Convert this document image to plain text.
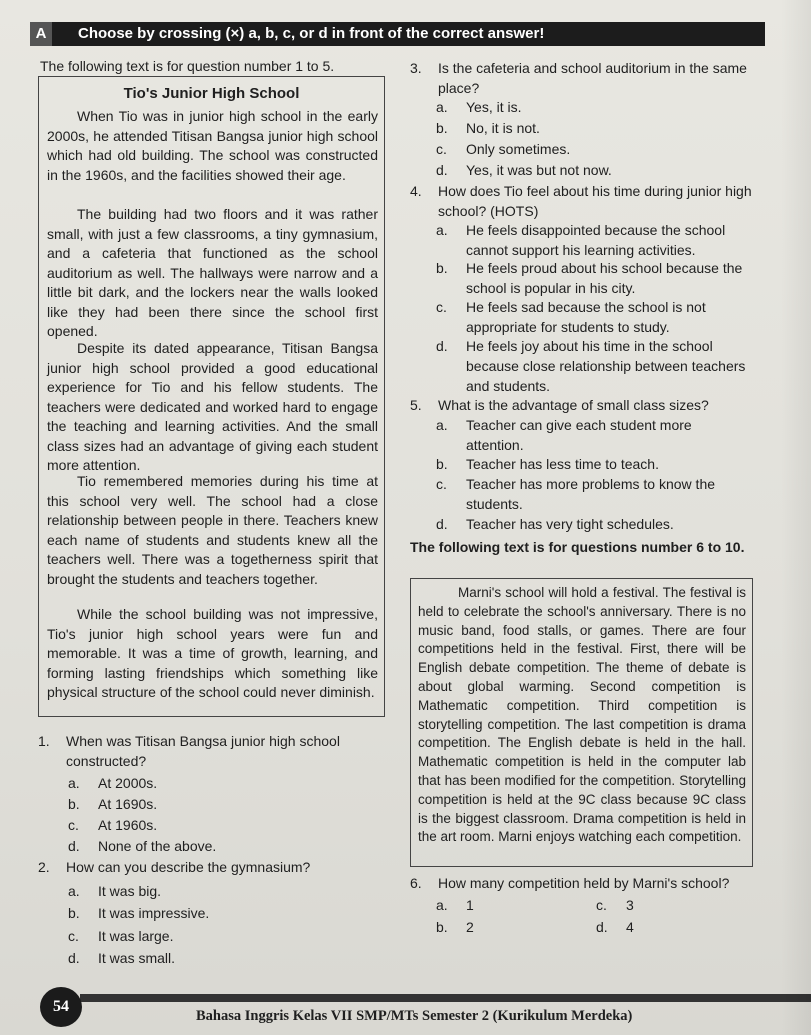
A	Choose by crossing (×) a, b, c, or d in front of the correct answer!
The following text is for question number 1 to 5.
Tio's Junior High School

When Tio was in junior high school in the early 2000s, he attended Titisan Bangsa junior high school which had old building. The school was constructed in the 1960s, and the facilities showed their age.

The building had two floors and it was rather small, with just a few classrooms, a tiny gymnasium, and a cafeteria that functioned as the school auditorium as well. The hallways were narrow and a little bit dark, and the lockers near the walls looked like they had been there since the school first opened.

Despite its dated appearance, Titisan Bangsa junior high school provided a good educational experience for Tio and his fellow students. The teachers were dedicated and worked hard to engage the teaching and learning activities. And the small class sizes had an advantage of giving each student more attention.

Tio remembered memories during his time at this school very well. The school had a close relationship between people in there. Teachers knew each name of students and students knew all the teachers well. There was a togetherness spirit that brought the students and teachers together.

While the school building was not impressive, Tio's junior high school years were fun and memorable. It was a time of growth, learning, and forming lasting friendships which something like physical structure of the school could never diminish.

1. When was Titisan Bangsa junior high school constructed?
a. At 2000s.
b. At 1690s.
c. At 1960s.
d. None of the above.
2. How can you describe the gymnasium?
a. It was big.
b. It was impressive.
c. It was large.
d. It was small.
3. Is the cafeteria and school auditorium in the same place?
a. Yes, it is.
b. No, it is not.
c. Only sometimes.
d. Yes, it was but not now.
4. How does Tio feel about his time during junior high school? (HOTS)
a. He feels disappointed because the school cannot support his learning activities.
b. He feels proud about his school because the school is popular in his city.
c. He feels sad because the school is not appropriate for students to study.
d. He feels joy about his time in the school because close relationship between teachers and students.
5. What is the advantage of small class sizes?
a. Teacher can give each student more attention.
b. Teacher has less time to teach.
c. Teacher has more problems to know the students.
d. Teacher has very tight schedules.
The following text is for questions number 6 to 10.

Marni's school will hold a festival. The festival is held to celebrate the school's anniversary. There is no music band, food stalls, or games. There are four competitions held in the festival. First, there will be English debate competition. The theme of debate is about global warming. Second competition is Mathematic competition. Third competition is storytelling competition. The last competition is drama competition. The English debate is held in the hall. Mathematic competition is held in the computer lab that has been modified for the competition. Storytelling competition is held at the 9C class because 9C class is the biggest classroom. Drama competition is held in the art room. Marni enjoys watching each competition.

6. How many competition held by Marni's school?
a. 1
b. 2
c. 3
d. 4
54
Bahasa Inggris Kelas VII SMP/MTs Semester 2 (Kurikulum Merdeka)
